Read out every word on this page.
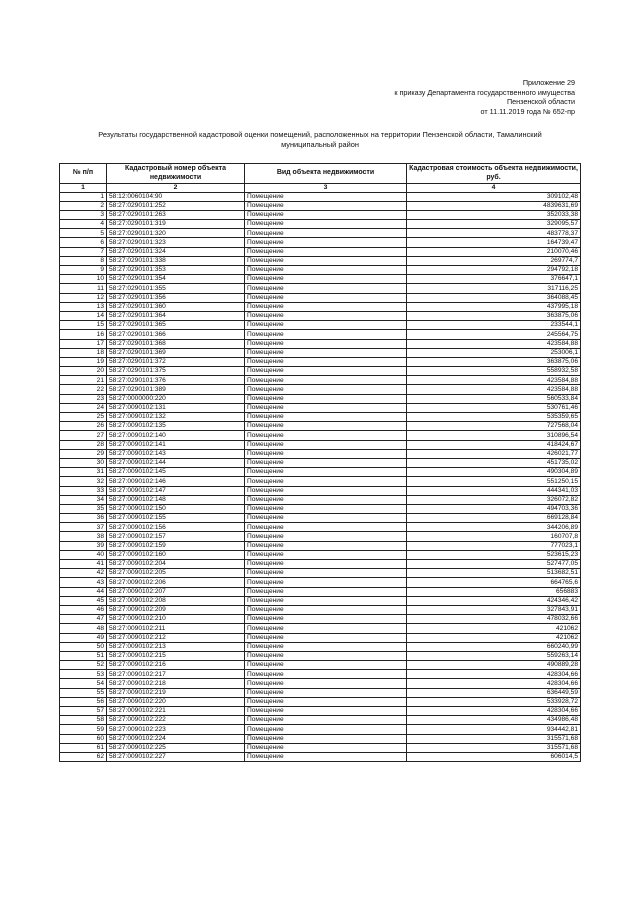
Приложение 29
к приказу Департамента государственного имущества
Пензенской области
от 11.11.2019 года № 652-пр
Результаты государственной кадастровой оценки помещений, расположенных на территории Пензенской области, Тамалинский
муниципальный район
№ п/п	Кадастровый номер объекта недвижимости	Вид объекта недвижимости	Кадастровая стоимость объекта недвижимости, руб.
1	2	3	4
1	58:12:0060104:90	Помещение	309102,48
2	58:27:0290101:252	Помещение	4839631,69
3	58:27:0290101:263	Помещение	352033,38
4	58:27:0290101:319	Помещение	329095,57
5	58:27:0290101:320	Помещение	483778,37
6	58:27:0290101:323	Помещение	164739,47
7	58:27:0290101:324	Помещение	210070,46
8	58:27:0290101:338	Помещение	269774,7
9	58:27:0290101:353	Помещение	294792,18
10	58:27:0290101:354	Помещение	376647,1
11	58:27:0290101:355	Помещение	317116,25
12	58:27:0290101:356	Помещение	364088,45
13	58:27:0290101:360	Помещение	437995,18
14	58:27:0290101:364	Помещение	363875,06
15	58:27:0290101:365	Помещение	233544,1
16	58:27:0290101:366	Помещение	245564,75
17	58:27:0290101:368	Помещение	423584,88
18	58:27:0290101:369	Помещение	253006,1
19	58:27:0290101:372	Помещение	363875,06
20	58:27:0290101:375	Помещение	558932,58
21	58:27:0290101:376	Помещение	423584,88
22	58:27:0290101:389	Помещение	423584,88
23	58:27:0000000:220	Помещение	560533,84
24	58:27:0090102:131	Помещение	530761,46
25	58:27:0090102:132	Помещение	535359,65
26	58:27:0090102:135	Помещение	727568,04
27	58:27:0090102:140	Помещение	310896,54
28	58:27:0090102:141	Помещение	418424,67
29	58:27:0090102:143	Помещение	426021,77
30	58:27:0090102:144	Помещение	451735,02
31	58:27:0090102:145	Помещение	490304,89
32	58:27:0090102:146	Помещение	551250,15
33	58:27:0090102:147	Помещение	444341,03
34	58:27:0090102:148	Помещение	326072,82
35	58:27:0090102:150	Помещение	494703,36
36	58:27:0090102:155	Помещение	669128,84
37	58:27:0090102:156	Помещение	344206,89
38	58:27:0090102:157	Помещение	160707,8
39	58:27:0090102:159	Помещение	777023,1
40	58:27:0090102:160	Помещение	523615,23
41	58:27:0090102:204	Помещение	527477,05
42	58:27:0090102:205	Помещение	513682,51
43	58:27:0090102:206	Помещение	664765,6
44	58:27:0090102:207	Помещение	656883
45	58:27:0090102:208	Помещение	424346,42
46	58:27:0090102:209	Помещение	327843,91
47	58:27:0090102:210	Помещение	478032,66
48	58:27:0090102:211	Помещение	421062
49	58:27:0090102:212	Помещение	421062
50	58:27:0090102:213	Помещение	660240,99
51	58:27:0090102:215	Помещение	559263,14
52	58:27:0090102:216	Помещение	490889,28
53	58:27:0090102:217	Помещение	428304,66
54	58:27:0090102:218	Помещение	428304,66
55	58:27:0090102:219	Помещение	636449,59
56	58:27:0090102:220	Помещение	533928,72
57	58:27:0090102:221	Помещение	428304,66
58	58:27:0090102:222	Помещение	434986,48
59	58:27:0090102:223	Помещение	934442,81
60	58:27:0090102:224	Помещение	315571,68
61	58:27:0090102:225	Помещение	315571,68
62	58:27:0090102:227	Помещение	606014,5
